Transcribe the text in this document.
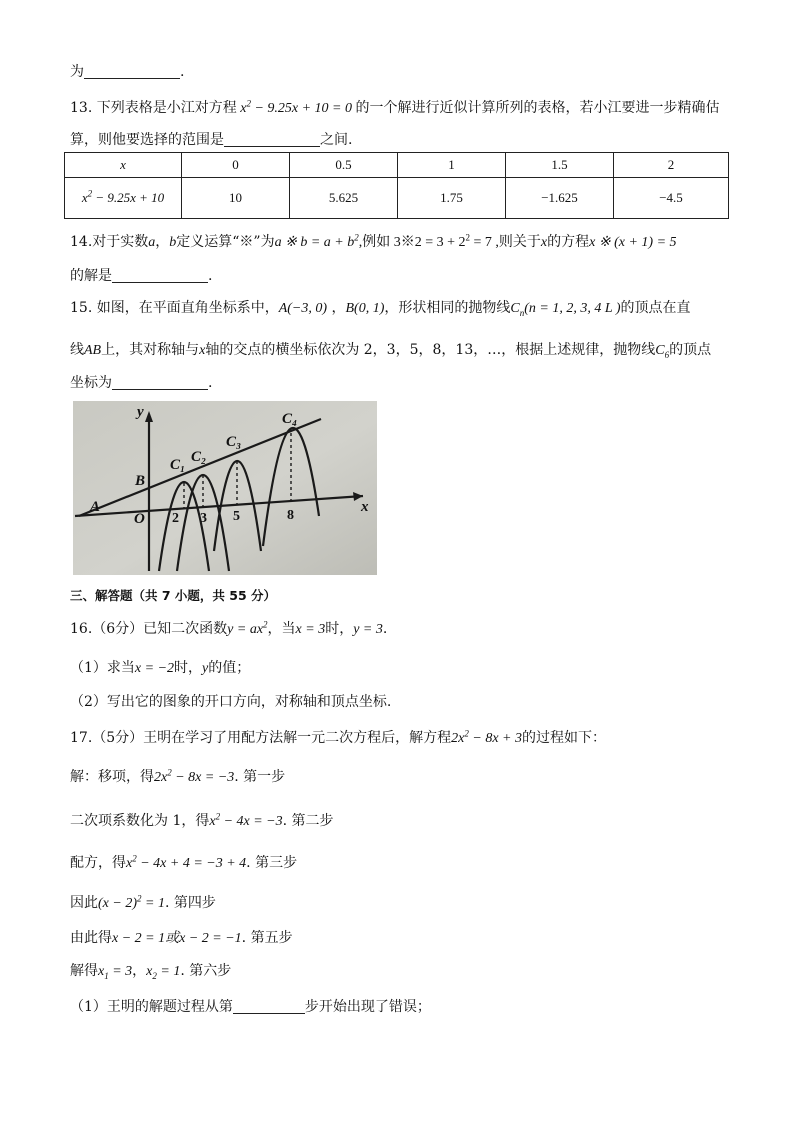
为	.
13. 下列表格是小江对方程 $x^2 - 9.25x + 10 = 0$ 的一个解进行近似计算所列的表格，若小江要进一步精确估
算，则他要选择的范围是	之间.
x	0	0.5	1	1.5	2
$x^2 - 9.25x + 10$	10	5.625	1.75	−1.625	−4.5
14.对于实数a，b定义运算“※”为a ※ $b = a + b^2$,例如 3※2 = $3 + 2^2 = 7$ ,则关于x的方程x ※ (x + 1) = 5
的解是	.
15. 如图，在平面直角坐标系中，A(−3, 0) ，B(0, 1)，形状相同的抛物线$C_n(n = 1$, 2, 3, 4 L )的顶点在直
线AB上，其对称轴与x轴的交点的横坐标依次为 2，3，5，8，13，…，根据上述规律，抛物线$C_6$的顶点
坐标为	.
y
x
A
B
O
C₁ C₂
C₃
C₄
2 3 5	8
三、解答题（共 7 小题，共 55 分）
16.（6分）已知二次函数$y = ax^2$，当x = 3时，y = 3.
（1）求当x = −2时，y的值；
（2）写出它的图象的开口方向，对称轴和顶点坐标.
17.（5分）王明在学习了用配方法解一元二次方程后，解方程$2x^2 - 8x + 3$的过程如下：
解：移项，得$2x^2 - 8x = -3$. 第一步
二次项系数化为 1，得$x^2 - 4x = -3$. 第二步
配方，得$x^2 - 4x + 4 = -3 + 4$. 第三步
因此$(x - 2)^2 = 1$. 第四步
由此得x − 2 = 1或x − 2 = −1. 第五步
解得$x_1 = 3$，$x_2 = 1$. 第六步
（1）王明的解题过程从第	步开始出现了错误；
